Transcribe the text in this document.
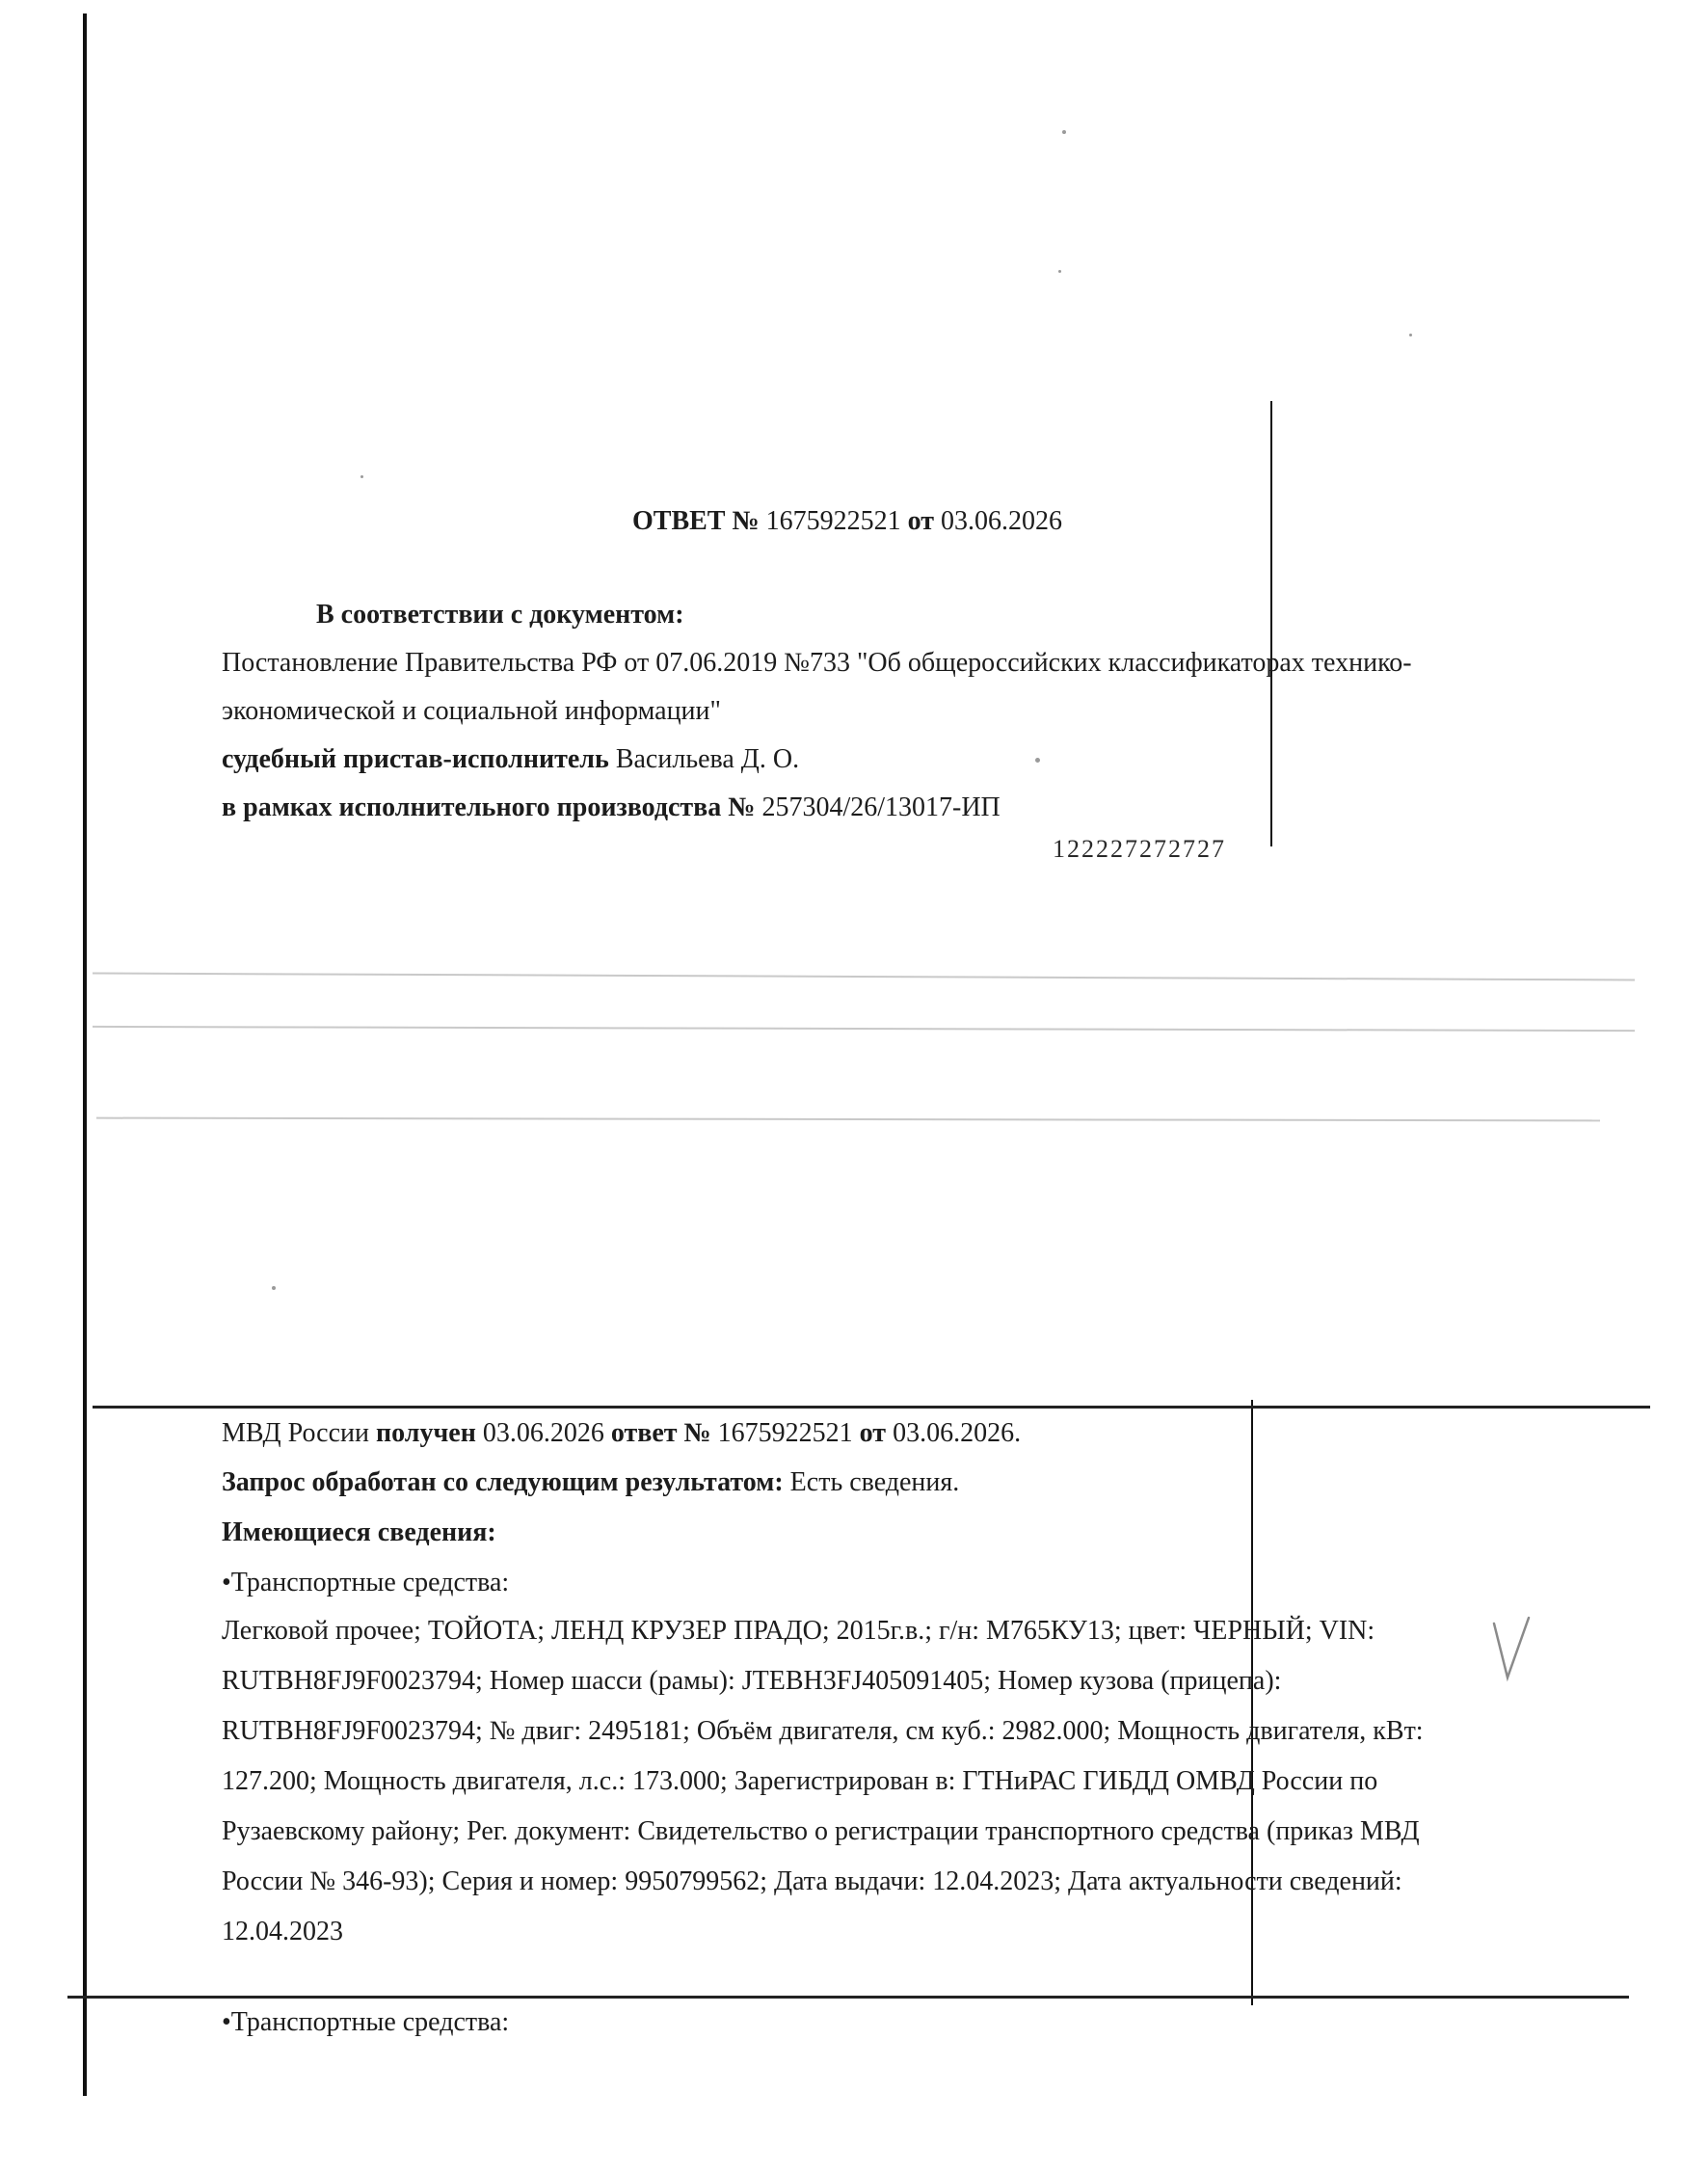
ОТВЕТ № 1675922521 от 03.06.2026
В соответствии с документом:
Постановление Правительства РФ от 07.06.2019 №733 "Об общероссийских классификаторах технико-
экономической и социальной информации"
судебный пристав-исполнитель Васильева Д. О.
в рамках исполнительного производства № 257304/26/13017-ИП
122227272727
МВД России получен 03.06.2026 ответ № 1675922521 от 03.06.2026.
Запрос обработан со следующим результатом: Есть сведения.
Имеющиеся сведения:
•Транспортные средства:
Легковой прочее; ТОЙОТА; ЛЕНД КРУЗЕР ПРАДО; 2015г.в.; г/н: М765КУ13; цвет: ЧЕРНЫЙ; VIN:
RUTBH8FJ9F0023794; Номер шасси (рамы): JTEBH3FJ405091405; Номер кузова (прицепа):
RUTBH8FJ9F0023794; № двиг: 2495181; Объём двигателя, см куб.: 2982.000; Мощность двигателя, кВт:
127.200; Мощность двигателя, л.с.: 173.000; Зарегистрирован в: ГТНиРАС ГИБДД ОМВД России по
Рузаевскому району; Рег. документ: Свидетельство о регистрации транспортного средства (приказ МВД
России № 346-93); Серия и номер: 9950799562; Дата выдачи: 12.04.2023; Дата актуальности сведений:
12.04.2023
•Транспортные средства:
